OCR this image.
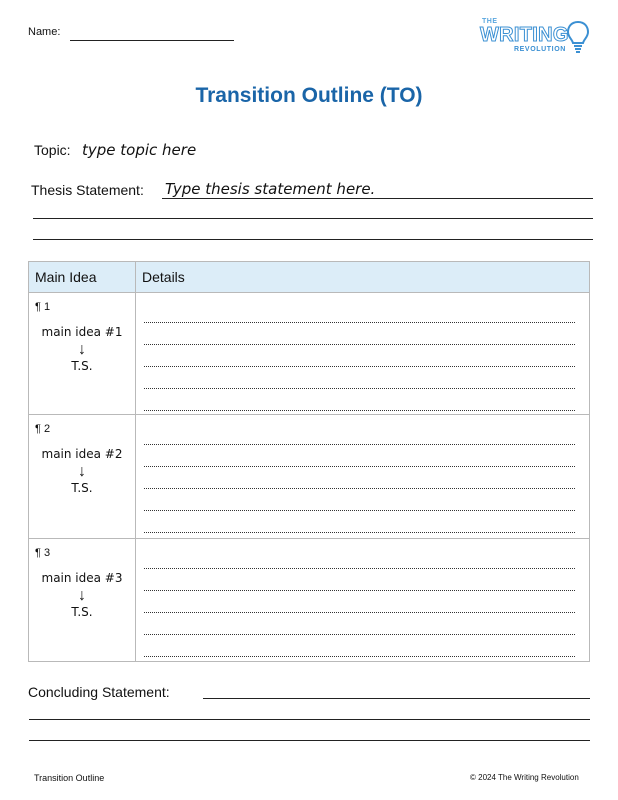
Name:
THE
WRITING
REVOLUTION
Transition Outline (TO)
Topic: type topic here
Thesis Statement: Type thesis statement here.
Main Idea	Details

¶ 1
main idea #1
↓
T.S.	

¶ 2
main idea #2
↓
T.S.	

¶ 3
main idea #3
↓
T.S.	

Concluding Statement:
Transition Outline	© 2024 The Writing Revolution
